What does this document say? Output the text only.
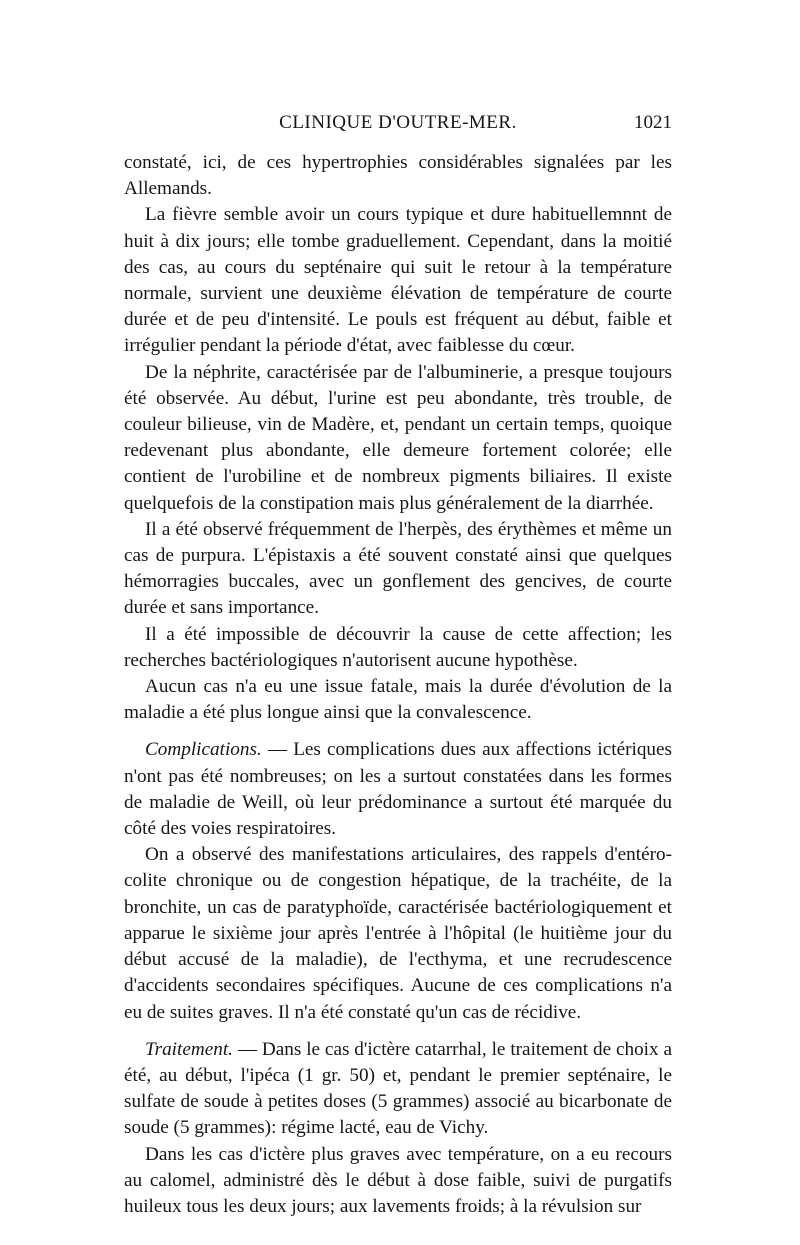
CLINIQUE D'OUTRE-MER.	1021

constaté, ici, de ces hypertrophies considérables signalées par les Allemands.

La fièvre semble avoir un cours typique et dure habituellemnnt de huit à dix jours; elle tombe graduellement. Cependant, dans la moitié des cas, au cours du septénaire qui suit le retour à la température normale, survient une deuxième élévation de température de courte durée et de peu d'intensité. Le pouls est fréquent au début, faible et irrégulier pendant la période d'état, avec faiblesse du cœur.

De la néphrite, caractérisée par de l'albuminerie, a presque toujours été observée. Au début, l'urine est peu abondante, très trouble, de couleur bilieuse, vin de Madère, et, pendant un certain temps, quoique redevenant plus abondante, elle demeure fortement colorée; elle contient de l'urobiline et de nombreux pigments biliaires. Il existe quelquefois de la constipation mais plus généralement de la diarrhée.

Il a été observé fréquemment de l'herpès, des érythèmes et même un cas de purpura. L'épistaxis a été souvent constaté ainsi que quelques hémorragies buccales, avec un gonflement des gencives, de courte durée et sans importance.

Il a été impossible de découvrir la cause de cette affection; les recherches bactériologiques n'autorisent aucune hypothèse.

Aucun cas n'a eu une issue fatale, mais la durée d'évolution de la maladie a été plus longue ainsi que la convalescence.

Complications. — Les complications dues aux affections ictériques n'ont pas été nombreuses; on les a surtout constatées dans les formes de maladie de Weill, où leur prédominance a surtout été marquée du côté des voies respiratoires.

On a observé des manifestations articulaires, des rappels d'entéro-colite chronique ou de congestion hépatique, de la trachéite, de la bronchite, un cas de paratyphoïde, caractérisée bactériologiquement et apparue le sixième jour après l'entrée à l'hôpital (le huitième jour du début accusé de la maladie), de l'ecthyma, et une recrudescence d'accidents secondaires spécifiques. Aucune de ces complications n'a eu de suites graves. Il n'a été constaté qu'un cas de récidive.

Traitement. — Dans le cas d'ictère catarrhal, le traitement de choix a été, au début, l'ipéca (1 gr. 50) et, pendant le premier septénaire, le sulfate de soude à petites doses (5 grammes) associé au bicarbonate de soude (5 grammes): régime lacté, eau de Vichy.

Dans les cas d'ictère plus graves avec température, on a eu recours au calomel, administré dès le début à dose faible, suivi de purgatifs huileux tous les deux jours; aux lavements froids; à la révulsion sur
